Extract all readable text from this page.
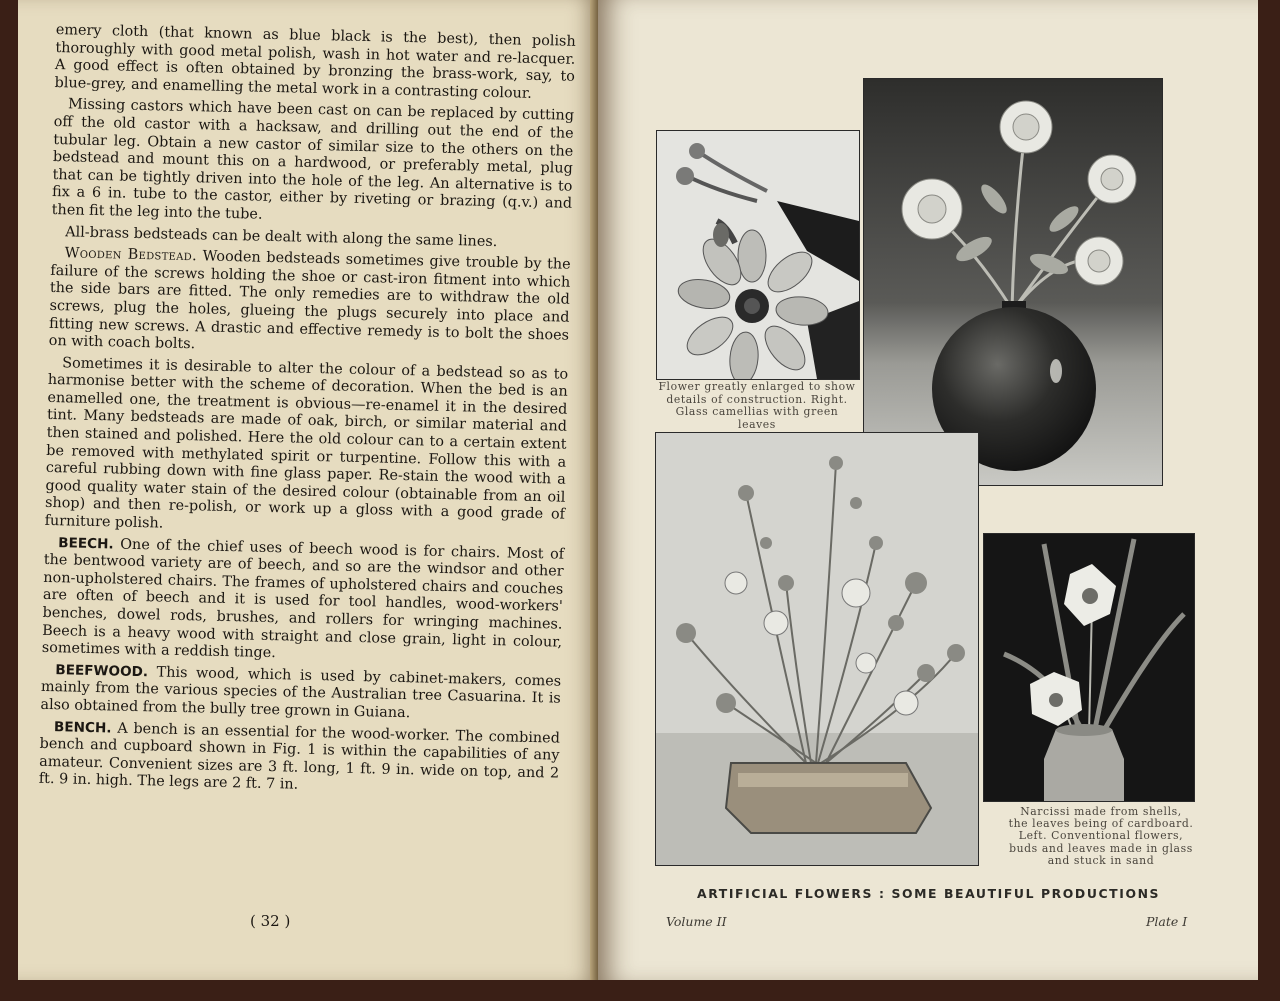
emery cloth (that known as blue black is the best), then polish thoroughly with good metal polish, wash in hot water and re-lacquer. A good effect is often obtained by bronzing the brass-work, say, to blue-grey, and enamelling the metal work in a contrasting colour.

Missing castors which have been cast on can be replaced by cutting off the old castor with a hacksaw, and drilling out the end of the tubular leg. Obtain a new castor of similar size to the others on the bedstead and mount this on a hardwood, or preferably metal, plug that can be tightly driven into the hole of the leg. An alternative is to fix a 6 in. tube to the castor, either by riveting or brazing (q.v.) and then fit the leg into the tube.

All-brass bedsteads can be dealt with along the same lines.

Wooden Bedstead. Wooden bedsteads sometimes give trouble by the failure of the screws holding the shoe or cast-iron fitment into which the side bars are fitted. The only remedies are to withdraw the old screws, plug the holes, glueing the plugs securely into place and fitting new screws. A drastic and effective remedy is to bolt the shoes on with coach bolts.

Sometimes it is desirable to alter the colour of a bedstead so as to harmonise better with the scheme of decoration. When the bed is an enamelled one, the treatment is obvious—re-enamel it in the desired tint. Many bedsteads are made of oak, birch, or similar material and then stained and polished. Here the old colour can to a certain extent be removed with methylated spirit or turpentine. Follow this with a careful rubbing down with fine glass paper. Re-stain the wood with a good quality water stain of the desired colour (obtainable from an oil shop) and then re-polish, or work up a gloss with a good grade of furniture polish.

BEECH. One of the chief uses of beech wood is for chairs. Most of the bentwood variety are of beech, and so are the windsor and other non-upholstered chairs. The frames of upholstered chairs and couches are often of beech and it is used for tool handles, wood-workers' benches, dowel rods, brushes, and rollers for wringing machines. Beech is a heavy wood with straight and close grain, light in colour, sometimes with a reddish tinge.

BEEFWOOD. This wood, which is used by cabinet-makers, comes mainly from the various species of the Australian tree Casuarina. It is also obtained from the bully tree grown in Guiana.

BENCH. A bench is an essential for the wood-worker. The combined bench and cupboard shown in Fig. 1 is within the capabilities of any amateur. Convenient sizes are 3 ft. long, 1 ft. 9 in. wide on top, and 2 ft. 9 in. high. The legs are 2 ft. 7 in.

( 32 )
Flower greatly enlarged to show
details of construction. Right.
Glass camellias with green leaves
Narcissi made from shells,
the leaves being of cardboard.
Left. Conventional flowers,
buds and leaves made in glass
and stuck in sand
ARTIFICIAL FLOWERS : SOME BEAUTIFUL PRODUCTIONS
Volume II	Plate I
